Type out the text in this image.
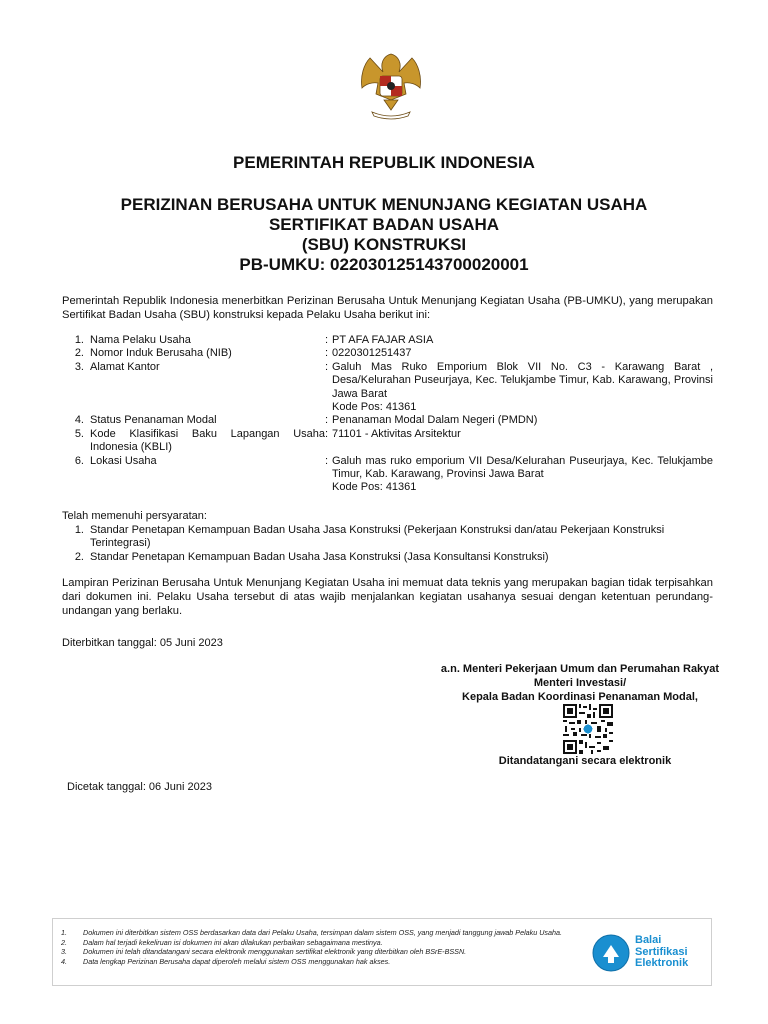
PEMERINTAH REPUBLIK INDONESIA
PERIZINAN BERUSAHA UNTUK MENUNJANG KEGIATAN USAHA
SERTIFIKAT BADAN USAHA
(SBU) KONSTRUKSI
PB-UMKU: 022030125143700020001
Pemerintah Republik Indonesia menerbitkan Perizinan Berusaha Untuk Menunjang Kegiatan Usaha (PB-UMKU), yang merupakan Sertifikat Badan Usaha (SBU) konstruksi kepada Pelaku Usaha berikut ini:
1. Nama Pelaku Usaha	: PT AFA FAJAR ASIA
2. Nomor Induk Berusaha (NIB)	: 0220301251437
3. Alamat Kantor	: Galuh Mas Ruko Emporium Blok VII No. C3 - Karawang Barat , Desa/Kelurahan Puseurjaya, Kec. Telukjambe Timur, Kab. Karawang, Provinsi Jawa Barat
Kode Pos: 41361
4. Status Penanaman Modal	: Penanaman Modal Dalam Negeri (PMDN)
5. Kode Klasifikasi Baku Lapangan Usaha Indonesia (KBLI)
: 71101 - Aktivitas Arsitektur
6. Lokasi Usaha	: Galuh mas ruko emporium VII Desa/Kelurahan Puseurjaya, Kec. Telukjambe Timur, Kab. Karawang, Provinsi Jawa Barat
Kode Pos: 41361
Telah memenuhi persyaratan:
1. Standar Penetapan Kemampuan Badan Usaha Jasa Konstruksi (Pekerjaan Konstruksi dan/atau Pekerjaan Konstruksi Terintegrasi)
2. Standar Penetapan Kemampuan Badan Usaha Jasa Konstruksi (Jasa Konsultansi Konstruksi)
Lampiran Perizinan Berusaha Untuk Menunjang Kegiatan Usaha ini memuat data teknis yang merupakan bagian tidak terpisahkan dari dokumen ini. Pelaku Usaha tersebut di atas wajib menjalankan kegiatan usahanya sesuai dengan ketentuan perundang-undangan yang berlaku.
Diterbitkan tanggal: 05 Juni 2023
a.n. Menteri Pekerjaan Umum dan Perumahan Rakyat
Menteri Investasi/
Kepala Badan Koordinasi Penanaman Modal,
Ditandatangani secara elektronik
Dicetak tanggal: 06 Juni 2023
1.	Dokumen ini diterbitkan sistem OSS berdasarkan data dari Pelaku Usaha, tersimpan dalam sistem OSS, yang menjadi tanggung jawab Pelaku Usaha.
2.	Dalam hal terjadi kekeliruan isi dokumen ini akan dilakukan perbaikan sebagaimana mestinya.
3.	Dokumen ini telah ditandatangani secara elektronik menggunakan sertifikat elektronik yang diterbitkan oleh BSrE-BSSN.
4.	Data lengkap Perizinan Berusaha dapat diperoleh melalui sistem OSS menggunakan hak akses.
Balai
Sertifikasi
Elektronik
